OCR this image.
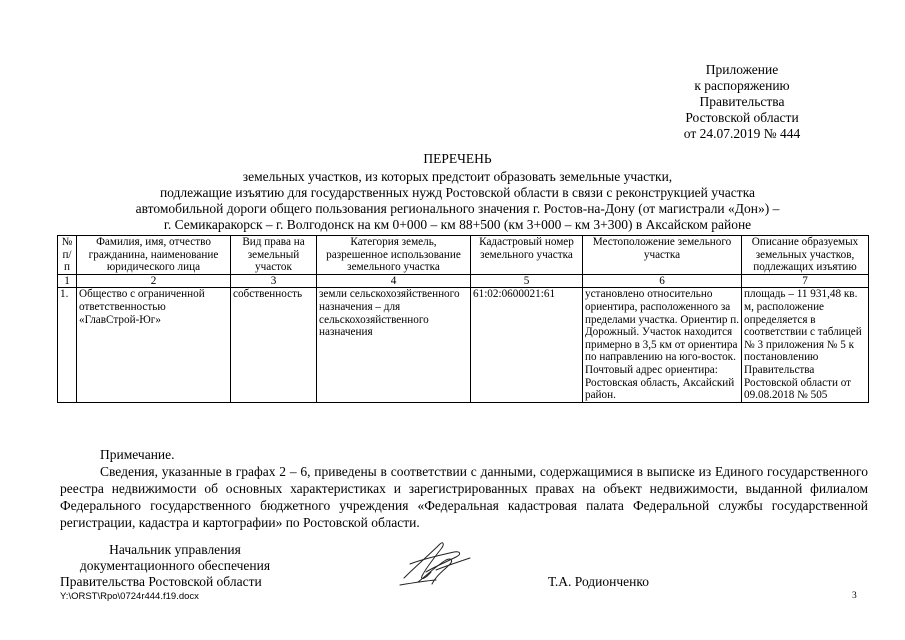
Приложение
к распоряжению
Правительства
Ростовской области
от 24.07.2019 № 444
ПЕРЕЧЕНЬ
земельных участков, из которых предстоит образовать земельные участки,
подлежащие изъятию для государственных нужд Ростовской области в связи с реконструкцией участка
автомобильной дороги общего пользования регионального значения г. Ростов-на-Дону (от магистрали «Дон») –
г. Семикаракорск – г. Волгодонск на км 0+000 – км 88+500 (км 3+000 – км 3+300) в Аксайском районе
№ п/п	Фамилия, имя, отчество гражданина, наименование юридического лица	Вид права на земельный участок	Категория земель, разрешенное использование земельного участка	Кадастровый номер земельного участка	Местоположение земельного участка	Описание образуемых земельных участков, подлежащих изъятию
1	2	3	4	5	6	7
1.	Общество с ограниченной ответственностью «ГлавСтрой-Юг»	собственность	земли сельскохозяйственного назначения – для сельскохозяйственного назначения	61:02:0600021:61	установлено относительно ориентира, расположенного за пределами участка. Ориентир п. Дорожный. Участок находится примерно в 3,5 км от ориентира по направлению на юго-восток. Почтовый адрес ориентира: Ростовская область, Аксайский район.	площадь – 11 931,48 кв. м, расположение определяется в соответствии с таблицей № 3 приложения № 5 к постановлению Правительства Ростовской области от 09.08.2018 № 505
Примечание.
Сведения, указанные в графах 2 – 6, приведены в соответствии с данными, содержащимися в выписке из Единого государственного реестра недвижимости об основных характеристиках и зарегистрированных правах на объект недвижимости, выданной филиалом Федерального государственного бюджетного учреждения «Федеральная кадастровая палата Федеральной службы государственной регистрации, кадастра и картографии» по Ростовской области.
Начальник управления
документационного обеспечения
Правительства Ростовской области	Т.А. Родионченко
Y:\ORST\Rpo\0724r444.f19.docx	3
